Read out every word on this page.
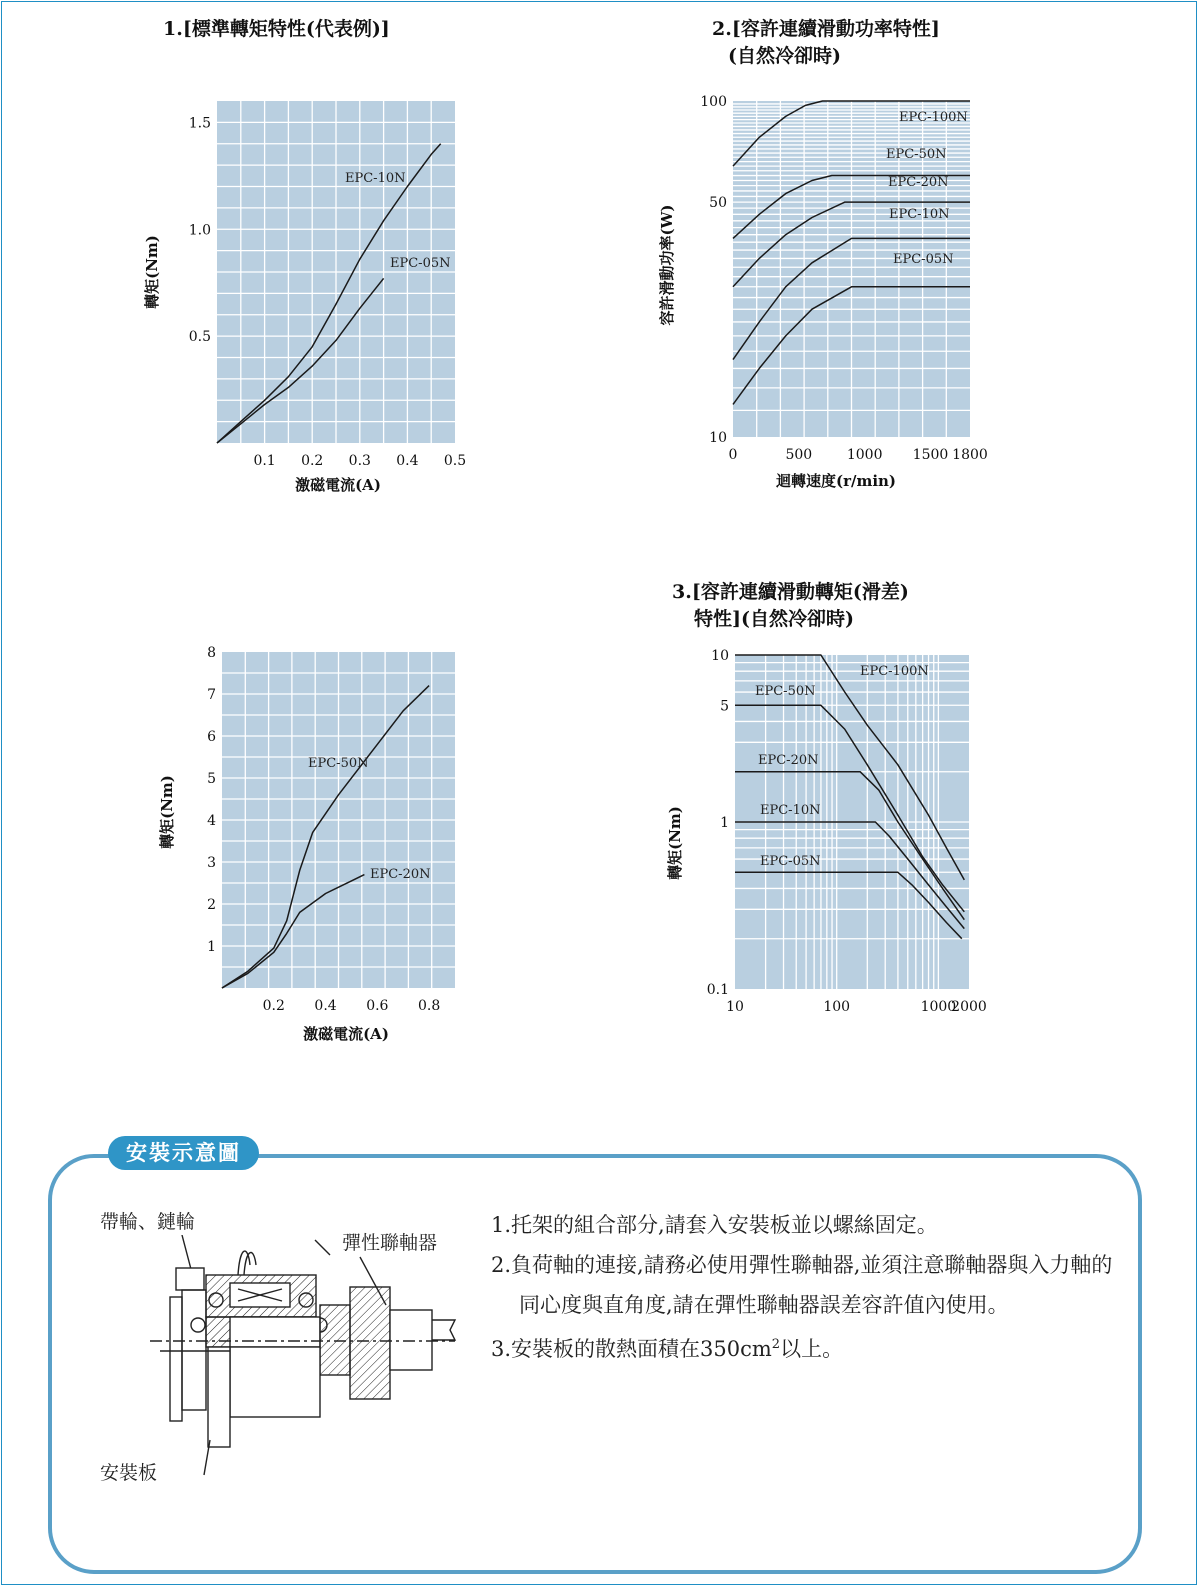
1.[標準轉矩特性(代表例)]	2.[容許連續滑動功率特性]
(自然冷卻時)
3.[容許連續滑動轉矩(滑差)
特性](自然冷卻時)
0.1 0.2 0.3 0.4 0.5
0.5
1.0
1.5
激磁電流(A)
轉矩(Nm)
EPC-10N
EPC-05N
0	500 1000 1500 1800
10
50
100
迴轉速度(r/min)
容許滑動功率(W)
EPC-100N
EPC-50N
EPC-20N
EPC-10N
EPC-05N
0.2 0.4 0.6 0.8
1
2
3
4
5
6
7
8
激磁電流(A)
轉矩(Nm)
EPC-50N
EPC-20N
10	100	1000
2000
0.1
1
5
10
轉矩(Nm)
EPC-100N
EPC-50N
EPC-20N
EPC-10N
EPC-05N
安裝示意圖
帶輪、鏈輪
彈性聯軸器
安裝板
1.托架的組合部分,請套入安裝板並以螺絲固定。
2.負荷軸的連接,請務必使用彈性聯軸器,並須注意聯軸器與入力軸的同心度與直角度,請在彈性聯軸器誤差容許值內使用。
3.安裝板的散熱面積在$350cm^2$以上。
